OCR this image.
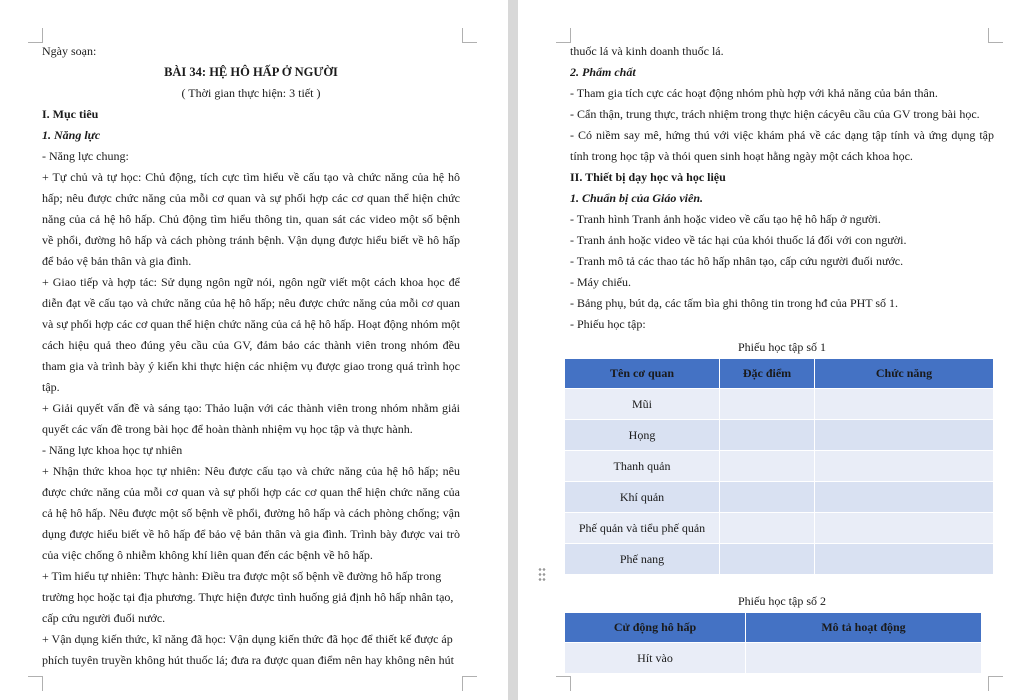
Ngày soạn:
BÀI 34: HỆ HÔ HẤP Ở NGƯỜI
( Thời gian thực hiện: 3 tiết )
I. Mục tiêu
1. Năng lực
- Năng lực chung:
+ Tự chủ và tự học: Chủ động, tích cực tìm hiểu về cấu tạo và chức năng của hệ hô hấp; nêu được chức năng của mỗi cơ quan và sự phối hợp các cơ quan thể hiện chức năng của cả hệ hô hấp. Chủ động tìm hiểu thông tin, quan sát các video một số bệnh về phổi, đường hô hấp và cách phòng tránh bệnh. Vận dụng được hiểu biết về hô hấp để bảo vệ bản thân và gia đình.
+ Giao tiếp và hợp tác: Sử dụng ngôn ngữ nói, ngôn ngữ viết một cách khoa học để diễn đạt về cấu tạo và chức năng của hệ hô hấp; nêu được chức năng của mỗi cơ quan và sự phối hợp các cơ quan thể hiện chức năng của cả hệ hô hấp. Hoạt động nhóm một cách hiệu quả theo đúng yêu cầu của GV, đảm bảo các thành viên trong nhóm đều tham gia và trình bày ý kiến khi thực hiện các nhiệm vụ được giao trong quá trình học tập.
+ Giải quyết vấn đề và sáng tạo: Thảo luận với các thành viên trong nhóm nhằm giải quyết các vấn đề trong bài học để hoàn thành nhiệm vụ học tập và thực hành.
- Năng lực khoa học tự nhiên
+ Nhận thức khoa học tự nhiên: Nêu được cấu tạo và chức năng của hệ hô hấp; nêu được chức năng của mỗi cơ quan và sự phối hợp các cơ quan thể hiện chức năng của cả hệ hô hấp. Nêu được một số bệnh về phổi, đường hô hấp và cách phòng chống; vận dụng được hiểu biết về hô hấp để bảo vệ bản thân và gia đình. Trình bày được vai trò của việc chống ô nhiễm không khí liên quan đến các bệnh về hô hấp.
+ Tìm hiểu tự nhiên: Thực hành: Điều tra được một số bệnh về đường hô hấp trong
trường học hoặc tại địa phương. Thực hiện được tình huống giả định hô hấp nhân tạo,
cấp cứu người đuối nước.
+ Vận dụng kiến thức, kĩ năng đã học: Vận dụng kiến thức đã học để thiết kế được áp
phích tuyên truyền không hút thuốc lá; đưa ra được quan điểm nên hay không nên hút
thuốc lá và kinh doanh thuốc lá.
2. Phẩm chất
- Tham gia tích cực các hoạt động nhóm phù hợp với khả năng của bản thân.
- Cẩn thận, trung thực, trách nhiệm trong thực hiện cácyêu cầu của GV trong bài học.
- Có niềm say mê, hứng thú với việc khám phá về các dạng tập tính và ứng dụng tập tính trong học tập và thói quen sinh hoạt hằng ngày một cách khoa học.
II. Thiết bị dạy học và học liệu
1. Chuẩn bị của Giáo viên.
- Tranh hình Tranh ảnh hoặc video về cấu tạo hệ hô hấp ở người.
- Tranh ảnh hoặc video về tác hại của khói thuốc lá đối với con người.
- Tranh mô tả các thao tác hô hấp nhân tạo, cấp cứu người đuối nước.
- Máy chiếu.
- Bảng phụ, bút dạ, các tấm bìa ghi thông tin trong hđ của PHT số 1.
- Phiếu học tập:
Phiếu học tập số 1
Tên cơ quan	Đặc điểm	Chức năng
Mũi		
Họng		
Thanh quản		
Khí quản		
Phế quản và tiểu phế quản		
Phế nang		
Phiếu học tập số 2
Cử động hô hấp	Mô tả hoạt động
Hít vào	
